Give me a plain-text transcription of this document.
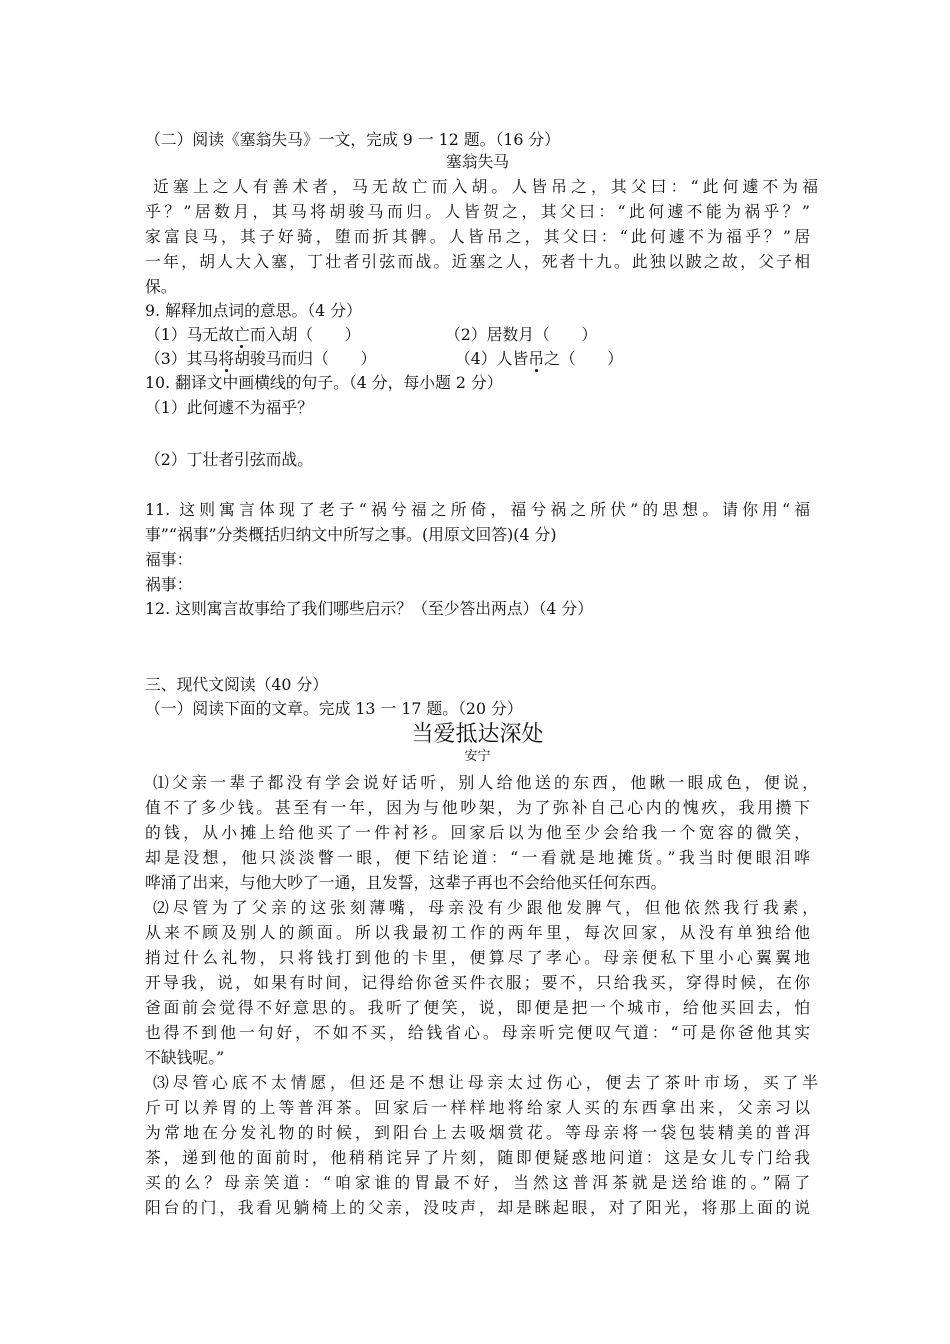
（二）阅读《塞翁失马》一文，完成 9 一 12 题。（16 分）
塞翁失马
近塞上之人有善术者，马无故亡而入胡。人皆吊之，其父曰：“此何遽不为福
乎？”居数月，其马将胡骏马而归。人皆贺之，其父曰：“此何遽不能为祸乎？”
家富良马，其子好骑，堕而折其髀。人皆吊之，其父曰：“此何遽不为福乎？”居
一年，胡人大入塞，丁壮者引弦而战。近塞之人，死者十九。此独以跛之故，父子相
保。
9. 解释加点词的意思。（4 分）
（1）马无故亡而入胡（　　）	（2）居数月（　　）
（3）其马将胡骏马而归（　　）	（4）人皆吊之（　　）
10. 翻译文中画横线的句子。（4 分，每小题 2 分）
（1）此何遽不为福乎？
（2）丁壮者引弦而战。
11. 这则寓言体现了老子“祸兮福之所倚，福兮祸之所伏”的思想。请你用“福
事”“祸事”分类概括归纳文中所写之事。(用原文回答)(4 分)
福事：
祸事：
12. 这则寓言故事给了我们哪些启示？（至少答出两点）（4 分）
三、现代文阅读（40 分）
（一）阅读下面的文章。完成 13 一 17 题。（20 分）
当爱抵达深处
安宁
⑴父亲一辈子都没有学会说好话听，别人给他送的东西，他瞅一眼成色，便说，
值不了多少钱。甚至有一年，因为与他吵架，为了弥补自己心内的愧疚，我用攒下
的钱，从小摊上给他买了一件衬衫。回家后以为他至少会给我一个宽容的微笑，
却是没想，他只淡淡瞥一眼，便下结论道：“一看就是地摊货。”我当时便眼泪哗
哗涌了出来，与他大吵了一通，且发誓，这辈子再也不会给他买任何东西。
⑵尽管为了父亲的这张刻薄嘴，母亲没有少跟他发脾气，但他依然我行我素，
从来不顾及别人的颜面。所以我最初工作的两年里，每次回家，从没有单独给他
捎过什么礼物，只将钱打到他的卡里，便算尽了孝心。母亲便私下里小心翼翼地
开导我，说，如果有时间，记得给你爸买件衣服；要不，只给我买，穿得时候，在你
爸面前会觉得不好意思的。我听了便笑，说，即便是把一个城市，给他买回去，怕
也得不到他一句好，不如不买，给钱省心。母亲听完便叹气道：“可是你爸他其实
不缺钱呢。”
⑶尽管心底不太情愿，但还是不想让母亲太过伤心，便去了茶叶市场，买了半
斤可以养胃的上等普洱茶。回家后一样样地将给家人买的东西拿出来，父亲习以
为常地在分发礼物的时候，到阳台上去吸烟赏花。等母亲将一袋包装精美的普洱
茶，递到他的面前时，他稍稍诧异了片刻，随即便疑惑地问道：这是女儿专门给我
买的么？母亲笑道：“咱家谁的胃最不好，当然这普洱茶就是送给谁的。”隔了
阳台的门，我看见躺椅上的父亲，没吱声，却是眯起眼，对了阳光，将那上面的说
